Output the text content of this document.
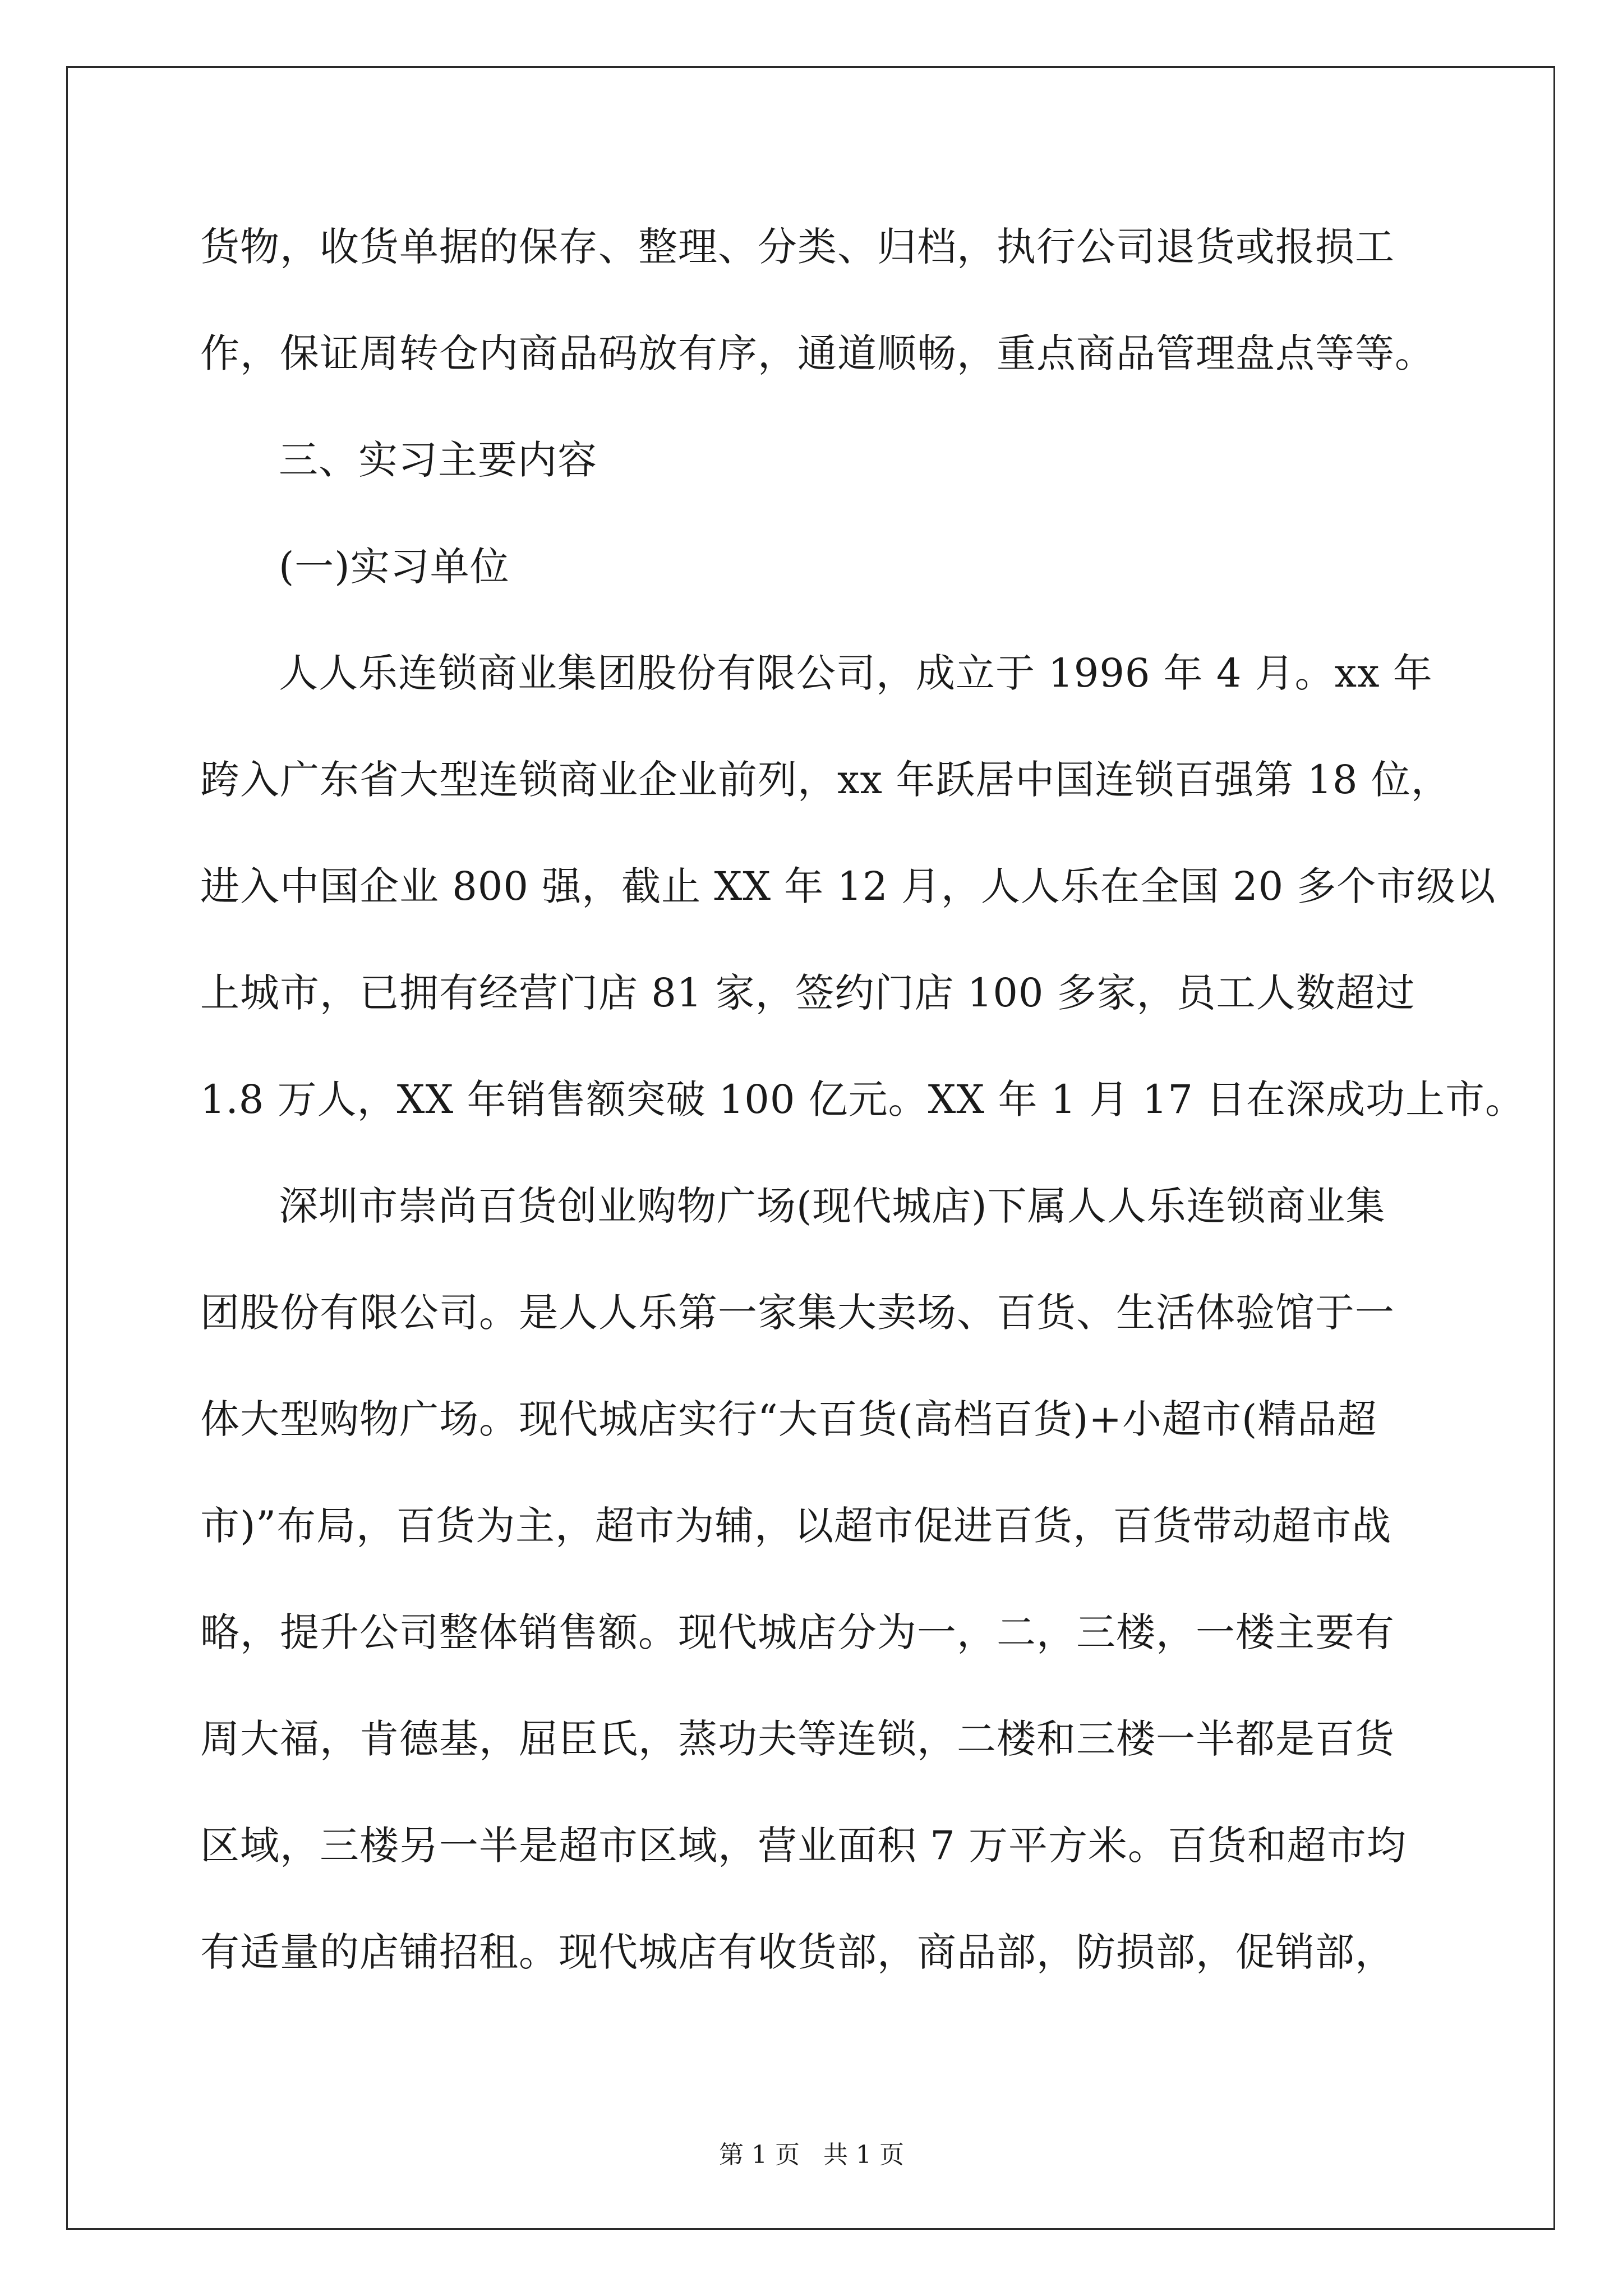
货物，收货单据的保存、整理、分类、归档，执行公司退货或报损工
作，保证周转仓内商品码放有序，通道顺畅，重点商品管理盘点等等。
三、实习主要内容
(一)实习单位
人人乐连锁商业集团股份有限公司，成立于 1996 年 4 月。xx 年
跨入广东省大型连锁商业企业前列，xx 年跃居中国连锁百强第 18 位，
进入中国企业 800 强，截止 XX 年 12 月，人人乐在全国 20 多个市级以
上城市，已拥有经营门店 81 家，签约门店 100 多家，员工人数超过
1.8 万人，XX 年销售额突破 100 亿元。XX 年 1 月 17 日在深成功上市。
深圳市崇尚百货创业购物广场(现代城店)下属人人乐连锁商业集
团股份有限公司。是人人乐第一家集大卖场、百货、生活体验馆于一
体大型购物广场。现代城店实行“大百货(高档百货)+小超市(精品超
市)”布局，百货为主，超市为辅，以超市促进百货，百货带动超市战
略，提升公司整体销售额。现代城店分为一，二，三楼，一楼主要有
周大福，肯德基，屈臣氏，蒸功夫等连锁，二楼和三楼一半都是百货
区域，三楼另一半是超市区域，营业面积 7 万平方米。百货和超市均
有适量的店铺招租。现代城店有收货部，商品部，防损部，促销部，
第 1 页   共 1 页
